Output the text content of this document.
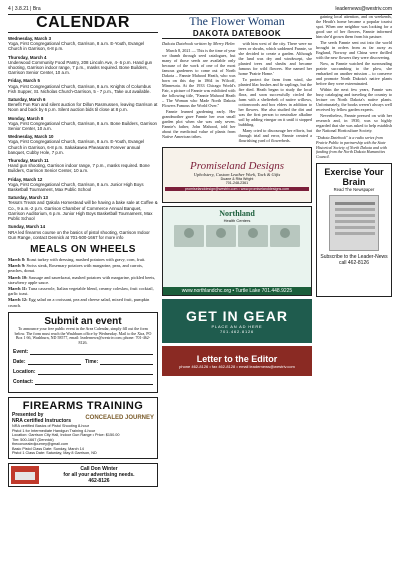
4 | 3.8.21 | Bra	leadernews@westriv.com
CALENDAR
Wednesday, March 3
Yoga, First Congregational Church, Garrison, 8 a.m. E-Youth, Evangel Church in Garrison, 6-8 p.m.
Thursday, March 4
Underwood Community Food Pantry, 208 Lincoln Ave, 4- 6 p.m. Hand gun shooting, Garrison indoor range, 7 p.m., masks required. Bone Builders, Garrison Senior Center, 10 a.m.
Friday, March 5
Yoga, First Congregational Church, Garrison, 8 a.m. Knights of Columbus Fish Supper, St. Nicholas Church-Garrison, 5 - 7 p.m., Take out available.
Saturday, March 6
Benefit Fun Run and silent auction for Dillon Rasmussen, leaving Garrison at Noon and back by 6 p.m. Silent auction bids til close at 8 p.m.
Monday, March 8
Yoga, First Congregational Church, Garrison, 8 a.m. Bone Builders, Garrison Senior Center, 10 a.m.
Wednesday, March 10
Yoga, First Congregational Church, Garrison, 8 a.m. E-Youth, Evangel Church in Garrison, 6-8 p.m. Sakakawea Pheasants Forever annual banquet, Cubby Hole, 7 p.m.
Thursday, March 11
Hand gun shooting, Garrison indoor range, 7 p.m., masks required. Bone Builders, Garrison Senior Center, 10 a.m.
Friday, March 12
Yoga, First Congregational Church, Garrison, 8 a.m. Junior High Boys Basketball Tournament, Max Public School
Saturday, March 13
Tessa's Treats and Qakola Homestead will be having a bake sale at Coffee & Co., 9 a.m.-2 p.m. Garrison Chamber of Commerce Annual Banquet, Garrison Auditorium, 6 p.m. Junior High Boys Basketball Tournament, Max Public School
Sunday, March 14
NRA led firearms course on the basics of pistol shooting, Garrison Indoor Gun Range, contact Dennick at 701-500-1667 for more info
MEALS ON WHEELS
March 8: Roast turkey with dressing, mashed potatoes with gravy, corn, fruit.
March 9: Swiss steak, Rosemary potatoes with margarine, peas, and carrots, peaches, donut.
March 10: Sausage and sauerkraut, mashed potatoes with margarine, pickled beets, strawberry apple sauce.
March 11: Tuna casserole, Italian vegetable blend, creamy coleslaw, fruit cocktail, garlic toast.
March 12: Egg salad on a croissant, pea and cheese salad, mixed fruit, pumpkin crunch.
Submit an event
To announce your free public event in the Area Calendar, simply fill out the form below. The form must reach the Washburn office by Wednesday. Mail to the Xtra, PO Box 1 66, Washburn, ND 58577, email: leadernews@westriv.com; phone: 701-462-8126.
Event:
Date:	Time:
Location:
Contact:
FIREARMS TRAINING
Presented by
NRA certified Instructors CONCEALED JOURNEY
NRA certified Basics of Pistol Shooting 8-hour
Pistol 1 for Intermediate Handgun Training 4-hour
Location: Garrison City Hall, Indoor Gun Range • Price: $150.00
Tim: 500-1667 (Dennick)
theconcealedjourney@gmail.com
Basic Pistol Class Date: Sunday, March 14
Pistol 1 Class Date: Saturday, May 8 Garrison, ND
Call Don Winter
for all your advertising needs.
462-8126
The Flower Woman
DAKOTA DATEBOOK
Dakota Datebook written by Merry Helm

March 8, 2021 — This is the time of year we thumb through seed catalogues, but many of those seeds are available only because of the work of one of the most famous gardeners to come out of North Dakota – Fannie Mahood Heath, who was born on this day in 1864 in Wilcoff, Minnesota. At the 1933 Chicago World's Fair, a picture of Fannie was exhibited with the following title, "Fannie Mahood Heath – The Woman who Made North Dakota Flowers Famous the World Over."

Fannie learned gardening early. Her grandmother gave Fannie her own small garden plot when she was only seven. Fannie's father, John Mahood, told her about the medicinal value of plants from Native American tribes.

with him west of the city. There were no trees or shrubs, which saddened Fannie, so she decided to create a garden. Although the land was dry and windswept, she planted trees and shrubs and became famous for wild flowers. She named her home 'Prairie Home.'

To protect the farm from wind, she planted lilac bushes and fir saplings, but the fire died. Heath began to study the local flora, and soon successfully circled the farm with a shelterbelt of native willows, cottonwoods and box elders in addition to her flowers. She also studied the dirt and was the first person to neutralize alkaline soil by adding vinegar on it until it stopped bubbling.

Many cried to discourage her efforts, but through trial and error, Fannie created a flourishing yard of flowerbeds.

Promiseland Designs
Upholstery, Custom Leather Work, Tack & Gifts
Duane & Rita Wright
701-248-2361
promiselanddesign@westriv.com • www.promiselanddesigns.com
Northland
Health Centers
www.northlandchc.org • Turtle Lake 701.448.9225
GET IN GEAR
PLACE AN AD HERE
701.462.8126
Letter to the Editor
phone 462-8126 • fax 462-8128 • email leadernews@westriv.com

gaining local attention, and on weekends, the Heath's home became a popular tourist spot. When one neighbor was looking for a good use of her flowers, Fannie informed him she'd grown them from his pasture.

The seeds Fannie sent out into the world brought in orders from as far away as England, Norway and China were thrilled with the new flowers they were discovering.

Now, as Fannie watched the surrounding prairie succumbing to the plow, she embarked on another mission – to conserve and promote North Dakota's native plants before they were exterminated.

Within the next few years, Fannie was busy cataloging and traveling the country to lecture on North Dakota's native plants. Unfortunately, the books weren't always well received by fellow garden experts.

Nevertheless, Fannie pressed on with her research and, in 1930, was so highly regarded that she was asked to help establish the National Horticulture Society.

"Dakota Datebook" is a radio series from Prairie Public in partnership with the State Historical Society of North Dakota and with funding from the North Dakota Humanities Council.
Exercise Your Brain
Read The Newspaper
Subscribe to the Leader-News call 462-8126
